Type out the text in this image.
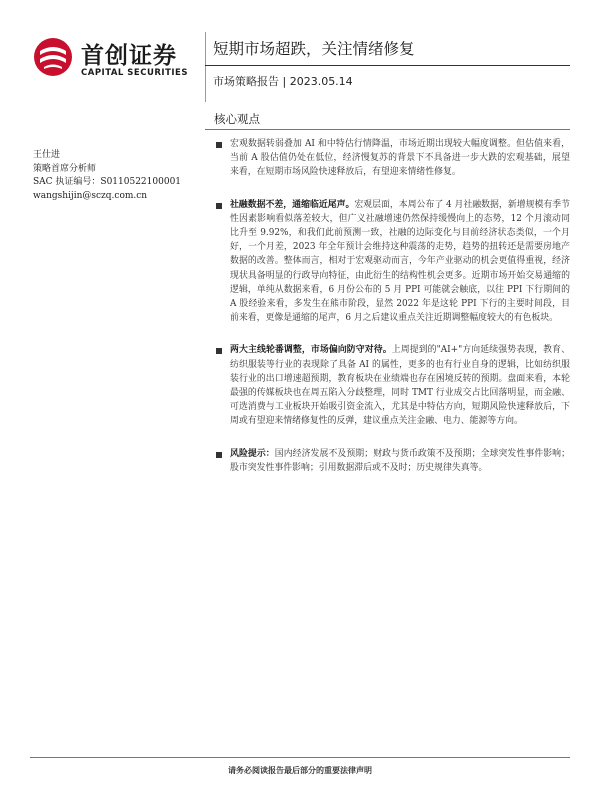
首创证券
CAPITAL SECURITIES
短期市场超跌，关注情绪修复
市场策略报告 | 2023.05.14
核心观点
王仕进
策略首席分析师
SAC 执证编号：S0110522100001
wangshijin@sczq.com.cn
宏观数据转弱叠加 AI 和中特估行情降温，市场近期出现较大幅度调整。但估值来看，当前 A 股估值仍处在低位，经济慢复苏的背景下不具备进一步大跌的宏观基础，展望来看，在短期市场风险快速释放后，有望迎来情绪性修复。
社融数据不差，通缩临近尾声。宏观层面，本周公布了 4 月社融数据，新增规模有季节性因素影响看似落差较大，但广义社融增速仍然保持缓慢向上的态势，12 个月滚动同比升至 9.92%，和我们此前预测一致，社融的边际变化与目前经济状态类似，一个月好，一个月差，2023 年全年预计会维持这种震荡的走势，趋势的扭转还是需要房地产数据的改善。整体而言，相对于宏观驱动而言，今年产业驱动的机会更值得重视，经济现状具备明显的行政导向特征，由此衍生的结构性机会更多。近期市场开始交易通缩的逻辑，单纯从数据来看，6 月份公布的 5 月 PPI 可能就会触底，以往 PPI 下行期间的 A 股经验来看，多发生在熊市阶段，显然 2022 年是这轮 PPI 下行的主要时间段，目前来看，更像是通缩的尾声，6 月之后建议重点关注近期调整幅度较大的有色板块。
两大主线轮番调整，市场偏向防守对待。上周提到的"AI+"方向延续强势表现，教育、纺织服装等行业的表现除了具备 AI 的属性，更多的也有行业自身的逻辑，比如纺织服装行业的出口增速超预期，教育板块在业绩端也存在困境反转的预期。盘面来看，本轮最强的传媒板块也在周五陷入分歧整理，同时 TMT 行业成交占比回落明显，而金融、可选消费与工业板块开始吸引资金流入，尤其是中特估方向，短期风险快速释放后，下周或有望迎来情绪修复性的反弹，建议重点关注金融、电力、能源等方向。
风险提示：国内经济发展不及预期；财政与货币政策不及预期；全球突发性事件影响；股市突发性事件影响；引用数据滞后或不及时；历史规律失真等。
请务必阅读报告最后部分的重要法律声明
